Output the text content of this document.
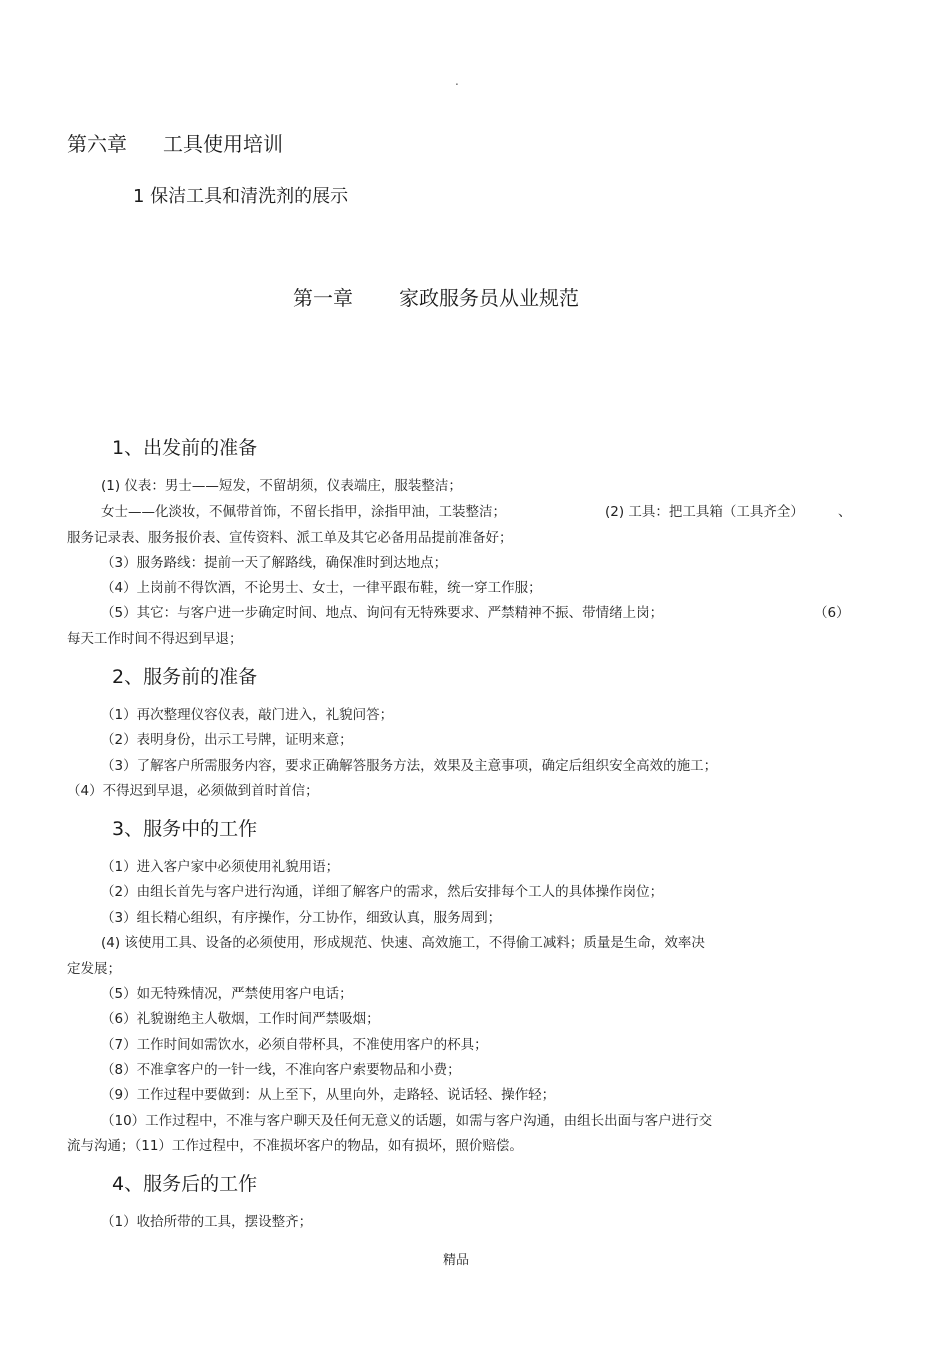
.
第六章 工具使用培训
1 保洁工具和清洗剂的展示
第一章 家政服务员从业规范
1、出发前的准备
(1) 仪表：男士——短发，不留胡须，仪表端庄，服装整洁；
女士——化淡妆，不佩带首饰，不留长指甲，涂指甲油，工装整洁；	(2) 工具：把工具箱（工具齐全）	、
服务记录表、服务报价表、宣传资料、派工单及其它必备用品提前准备好；
（3）服务路线：提前一天了解路线，确保准时到达地点；
（4）上岗前不得饮酒，不论男士、女士，一律平跟布鞋，统一穿工作服；
（5）其它：与客户进一步确定时间、地点、询问有无特殊要求、严禁精神不振、带情绪上岗；	（6）
每天工作时间不得迟到早退；
2、服务前的准备
（1）再次整理仪容仪表，敲门进入，礼貌问答；
（2）表明身份，出示工号牌，证明来意；
（3）了解客户所需服务内容，要求正确解答服务方法，效果及主意事项，确定后组织安全高效的施工；
（4）不得迟到早退，必须做到首时首信；
3、服务中的工作
（1）进入客户家中必须使用礼貌用语；
（2）由组长首先与客户进行沟通，详细了解客户的需求，然后安排每个工人的具体操作岗位；
（3）组长精心组织，有序操作，分工协作，细致认真，服务周到；
(4) 该使用工具、设备的必须使用，形成规范、快速、高效施工，不得偷工减料；质量是生命，效率决
定发展；
（5）如无特殊情况，严禁使用客户电话；
（6）礼貌谢绝主人敬烟，工作时间严禁吸烟；
（7）工作时间如需饮水，必须自带杯具，不准使用客户的杯具；
（8）不准拿客户的一针一线，不准向客户索要物品和小费；
（9）工作过程中要做到：从上至下，从里向外，走路轻、说话轻、操作轻；
（10）工作过程中，不准与客户聊天及任何无意义的话题，如需与客户沟通，由组长出面与客户进行交
流与沟通；（11）工作过程中，不准损坏客户的物品，如有损坏，照价赔偿。
4、服务后的工作
（1）收拾所带的工具，摆设整齐；
精品
